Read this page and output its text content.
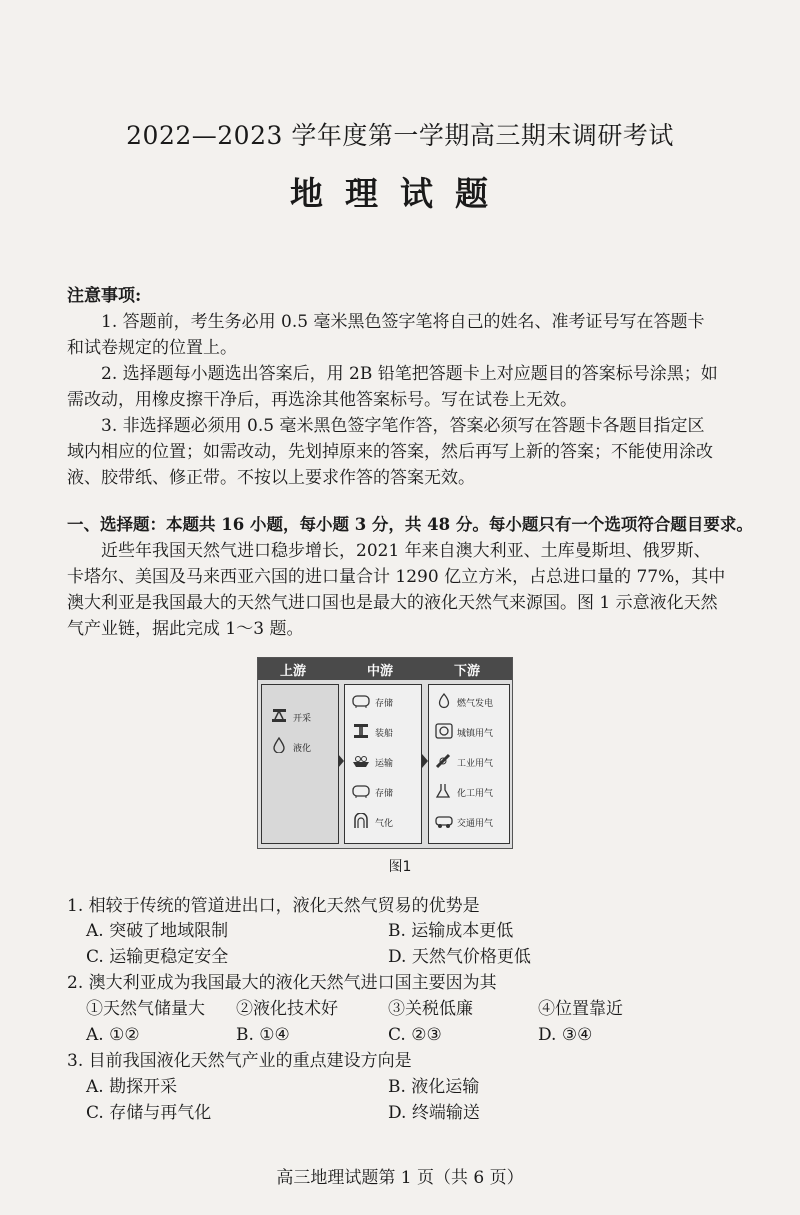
2022—2023 学年度第一学期高三期末调研考试
地理试题
注意事项:
1. 答题前，考生务必用 0.5 毫米黑色签字笔将自己的姓名、准考证号写在答题卡
和试卷规定的位置上。
2. 选择题每小题选出答案后，用 2B 铅笔把答题卡上对应题目的答案标号涂黑；如
需改动，用橡皮擦干净后，再选涂其他答案标号。写在试卷上无效。
3. 非选择题必须用 0.5 毫米黑色签字笔作答，答案必须写在答题卡各题目指定区
域内相应的位置；如需改动，先划掉原来的答案，然后再写上新的答案；不能使用涂改
液、胶带纸、修正带。不按以上要求作答的答案无效。
一、选择题：本题共 16 小题，每小题 3 分，共 48 分。每小题只有一个选项符合题目要求。
近些年我国天然气进口稳步增长，2021 年来自澳大利亚、土库曼斯坦、俄罗斯、
卡塔尔、美国及马来西亚六国的进口量合计 1290 亿立方米，占总进口量的 77%，其中
澳大利亚是我国最大的天然气进口国也是最大的液化天然气来源国。图 1 示意液化天然
气产业链，据此完成 1～3 题。
上游	中游	下游
开采
液化
存储
装船
运输
存储
气化
燃气发电
城镇用气
工业用气
化工用气
交通用气
图1
1. 相较于传统的管道进出口，液化天然气贸易的优势是
A. 突破了地域限制	B. 运输成本更低
C. 运输更稳定安全	D. 天然气价格更低
2. 澳大利亚成为我国最大的液化天然气进口国主要因为其
①天然气储量大 ②液化技术好	③关税低廉	④位置靠近
A. ①②	B. ①④	C. ②③	D. ③④
3. 目前我国液化天然气产业的重点建设方向是
A. 勘探开采	B. 液化运输
C. 存储与再气化	D. 终端输送
高三地理试题第 1 页（共 6 页）
